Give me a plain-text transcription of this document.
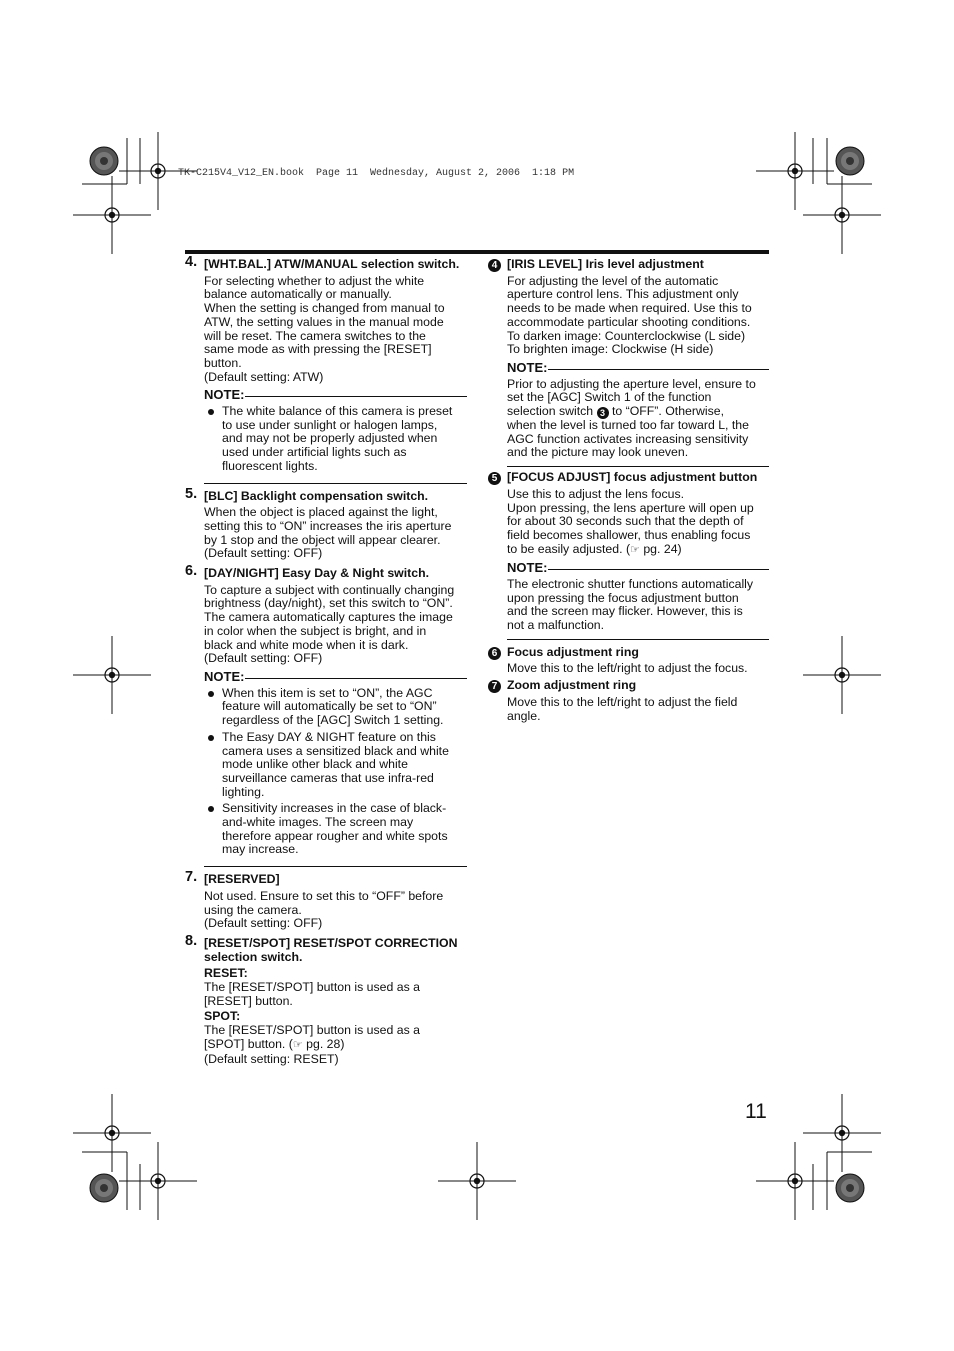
TK-C215V4_V12_EN.book  Page 11  Wednesday, August 2, 2006  1:18 PM
4. [WHT.BAL.] ATW/MANUAL selection switch.
For selecting whether to adjust the white
balance automatically or manually.
When the setting is changed from manual to
ATW, the setting values in the manual mode
will be reset. The camera switches to the
same mode as with pressing the [RESET]
button.
(Default setting: ATW)
NOTE:
The white balance of this camera is preset
to use under sunlight or halogen lamps,
and may not be properly adjusted when
used under artificial lights such as
fluorescent lights.
5. [BLC] Backlight compensation switch.
When the object is placed against the light,
setting this to “ON” increases the iris aperture
by 1 stop and the object will appear clearer.
(Default setting: OFF)
6. [DAY/NIGHT] Easy Day & Night switch.
To capture a subject with continually changing
brightness (day/night), set this switch to “ON”.
The camera automatically captures the image
in color when the subject is bright, and in
black and white mode when it is dark.
(Default setting: OFF)
NOTE:
When this item is set to “ON”, the AGC
feature will automatically be set to “ON”
regardless of the [AGC] Switch 1 setting.
The Easy DAY & NIGHT feature on this
camera uses a sensitized black and white
mode unlike other black and white
surveillance cameras that use infra-red
lighting.
Sensitivity increases in the case of black-
and-white images. The screen may
therefore appear rougher and white spots
may increase.
7. [RESERVED]
Not used. Ensure to set this to “OFF” before
using the camera.
(Default setting: OFF)
8. [RESET/SPOT] RESET/SPOT CORRECTION selection switch.
RESET:
The [RESET/SPOT] button is used as a
[RESET] button.
SPOT:
The [RESET/SPOT] button is used as a
[SPOT] button. (☞ pg. 28)
(Default setting: RESET)
4 [IRIS LEVEL] Iris level adjustment
For adjusting the level of the automatic
aperture control lens. This adjustment only
needs to be made when required. Use this to
accommodate particular shooting conditions.
To darken image: Counterclockwise (L side)
To brighten image: Clockwise (H side)
NOTE:
Prior to adjusting the aperture level, ensure to
set the [AGC] Switch 1 of the function
selection switch 3 to “OFF”. Otherwise,
when the level is turned too far toward L, the
AGC function activates increasing sensitivity
and the picture may look uneven.
5 [FOCUS ADJUST] focus adjustment button
Use this to adjust the lens focus.
Upon pressing, the lens aperture will open up
for about 30 seconds such that the depth of
field becomes shallower, thus enabling focus
to be easily adjusted. (☞ pg. 24)
NOTE:
The electronic shutter functions automatically
upon pressing the focus adjustment button
and the screen may flicker. However, this is
not a malfunction.
6 Focus adjustment ring
Move this to the left/right to adjust the focus.
7 Zoom adjustment ring
Move this to the left/right to adjust the field
angle.
11
